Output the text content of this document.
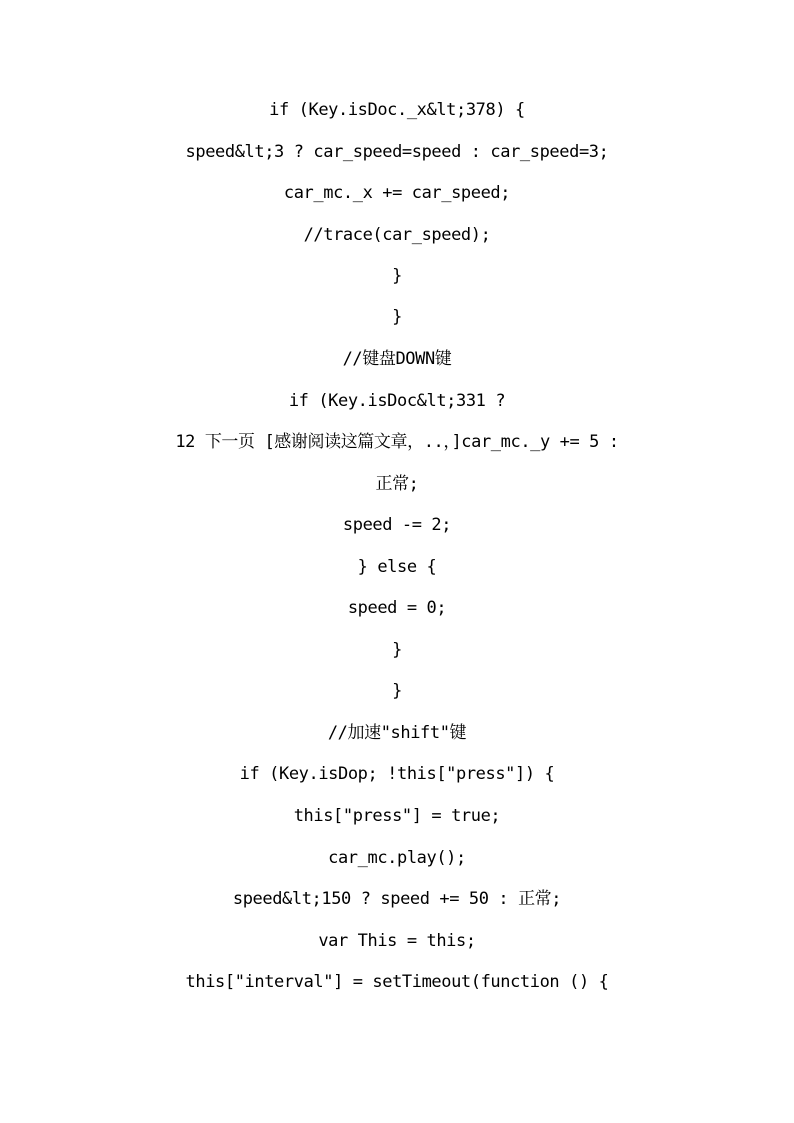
if (Key.isDoc._x&lt;378) {
speed&lt;3 ? car_speed=speed : car_speed=3;
car_mc._x += car_speed;
//trace(car_speed);
}
}
//键盘DOWN键
if (Key.isDoc&lt;331 ?
12 下一页 [感谢阅读这篇文章，..，]car_mc._y += 5 :
正常;
speed -= 2;
} else {
speed = 0;
}
}
//加速"shift"键
if (Key.isDop; !this["press"]) {
this["press"] = true;
car_mc.play();
speed&lt;150 ? speed += 50 : 正常;
var This = this;
this["interval"] = setTimeout(function () {
